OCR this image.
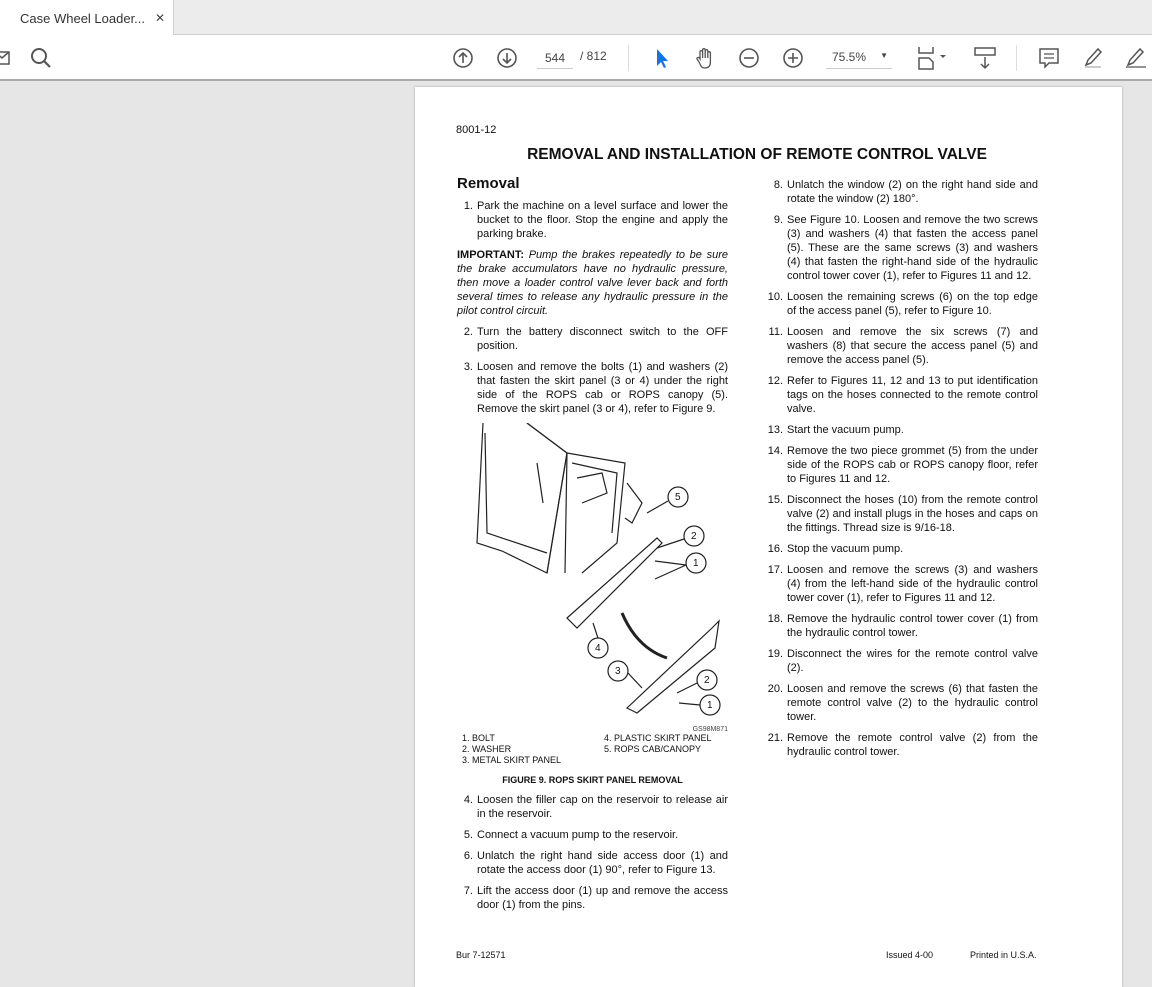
Case Wheel Loader... ✕
544
/ 812	75.5% ▼
8001-12
REMOVAL AND INSTALLATION OF REMOTE CONTROL VALVE
Removal
1. Park the machine on a level surface and lower the bucket to the floor. Stop the engine and apply the parking brake.
IMPORTANT: Pump the brakes repeatedly to be sure the brake accumulators have no hydraulic pressure, then move a loader control valve lever back and forth several times to release any hydraulic pressure in the pilot control circuit.
2. Turn the battery disconnect switch to the OFF position.
3. Loosen and remove the bolts (1) and washers (2) that fasten the skirt panel (3 or 4) under the right side of the ROPS cab or ROPS canopy (5). Remove the skirt panel (3 or 4), refer to Figure 9.
5
2
1
4
3
2
1
GS98M871
1. BOLT
2. WASHER
3. METAL SKIRT PANEL
4. PLASTIC SKIRT PANEL
5. ROPS CAB/CANOPY
FIGURE 9. ROPS SKIRT PANEL REMOVAL
4. Loosen the filler cap on the reservoir to release air in the reservoir.
5. Connect a vacuum pump to the reservoir.
6. Unlatch the right hand side access door (1) and rotate the access door (1) 90°, refer to Figure 13.
7. Lift the access door (1) up and remove the access door (1) from the pins.
8. Unlatch the window (2) on the right hand side and rotate the window (2) 180°.
9. See Figure 10. Loosen and remove the two screws (3) and washers (4) that fasten the access panel (5). These are the same screws (3) and washers (4) that fasten the right-hand side of the hydraulic control tower cover (1), refer to Figures 11 and 12.
10. Loosen the remaining screws (6) on the top edge of the access panel (5), refer to Figure 10.
11. Loosen and remove the six screws (7) and washers (8) that secure the access panel (5) and remove the access panel (5).
12. Refer to Figures 11, 12 and 13 to put identification tags on the hoses connected to the remote control valve.
13. Start the vacuum pump.
14. Remove the two piece grommet (5) from the under side of the ROPS cab or ROPS canopy floor, refer to Figures 11 and 12.
15. Disconnect the hoses (10) from the remote control valve (2) and install plugs in the hoses and caps on the fittings. Thread size is 9/16-18.
16. Stop the vacuum pump.
17. Loosen and remove the screws (3) and washers (4) from the left-hand side of the hydraulic control tower cover (1), refer to Figures 11 and 12.
18. Remove the hydraulic control tower cover (1) from the hydraulic control tower.
19. Disconnect the wires for the remote control valve (2).
20. Loosen and remove the screws (6) that fasten the remote control valve (2) to the hydraulic control tower.
21. Remove the remote control valve (2) from the hydraulic control tower.
Bur 7-12571	Issued 4-00	Printed in U.S.A.
